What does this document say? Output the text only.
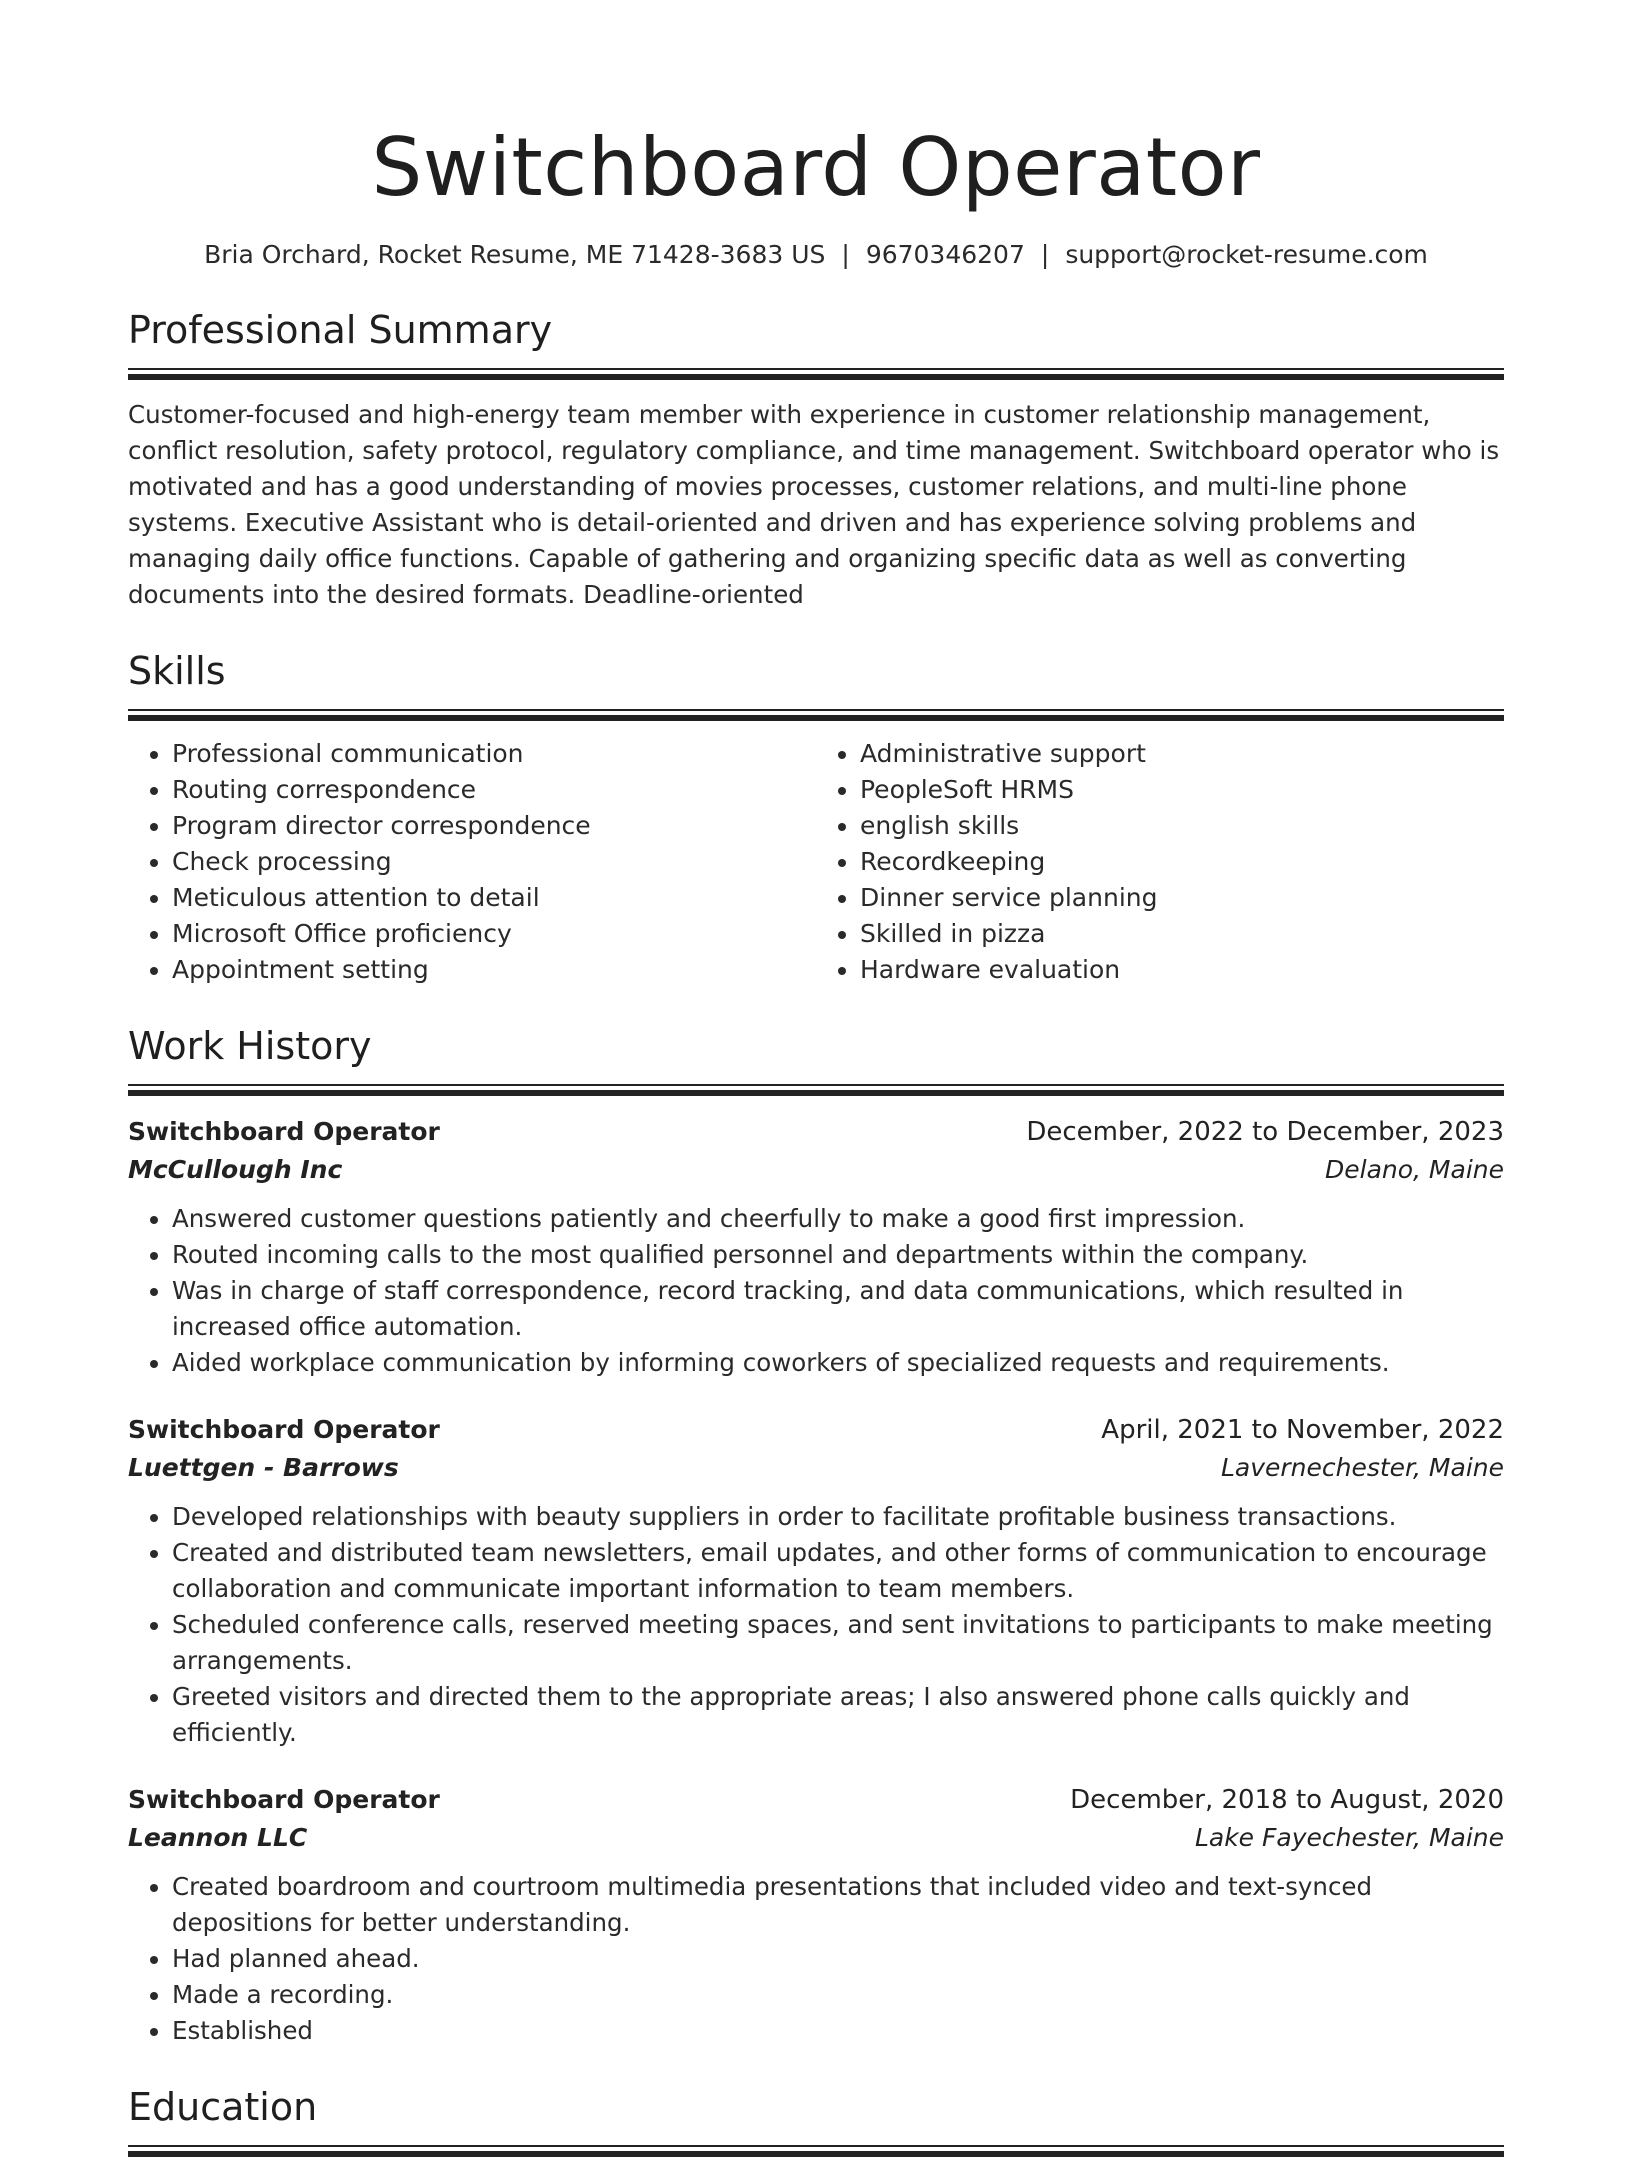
Switchboard Operator
Bria Orchard, Rocket Resume, ME 71428-3683 US | 9670346207 | support@rocket-resume.com
Professional Summary
Customer-focused and high-energy team member with experience in customer relationship management, conflict resolution, safety protocol, regulatory compliance, and time management. Switchboard operator who is motivated and has a good understanding of movies processes, customer relations, and multi-line phone systems. Executive Assistant who is detail-oriented and driven and has experience solving problems and managing daily office functions. Capable of gathering and organizing specific data as well as converting documents into the desired formats. Deadline-oriented
Skills
• Professional communication
• Routing correspondence
• Program director correspondence
• Check processing
• Meticulous attention to detail
• Microsoft Office proficiency
• Appointment setting
• Administrative support
• PeopleSoft HRMS
• english skills
• Recordkeeping
• Dinner service planning
• Skilled in pizza
• Hardware evaluation
Work History
Switchboard Operator	December, 2022 to December, 2023
McCullough Inc	Delano, Maine
• Answered customer questions patiently and cheerfully to make a good first impression.
• Routed incoming calls to the most qualified personnel and departments within the company.
• Was in charge of staff correspondence, record tracking, and data communications, which resulted in increased office automation.
• Aided workplace communication by informing coworkers of specialized requests and requirements.
Switchboard Operator	April, 2021 to November, 2022
Luettgen - Barrows	Lavernechester, Maine
• Developed relationships with beauty suppliers in order to facilitate profitable business transactions.
• Created and distributed team newsletters, email updates, and other forms of communication to encourage collaboration and communicate important information to team members.
• Scheduled conference calls, reserved meeting spaces, and sent invitations to participants to make meeting arrangements.
• Greeted visitors and directed them to the appropriate areas; I also answered phone calls quickly and efficiently.
Switchboard Operator	December, 2018 to August, 2020
Leannon LLC	Lake Fayechester, Maine
• Created boardroom and courtroom multimedia presentations that included video and text-synced depositions for better understanding.
• Had planned ahead.
• Made a recording.
• Established
Education
